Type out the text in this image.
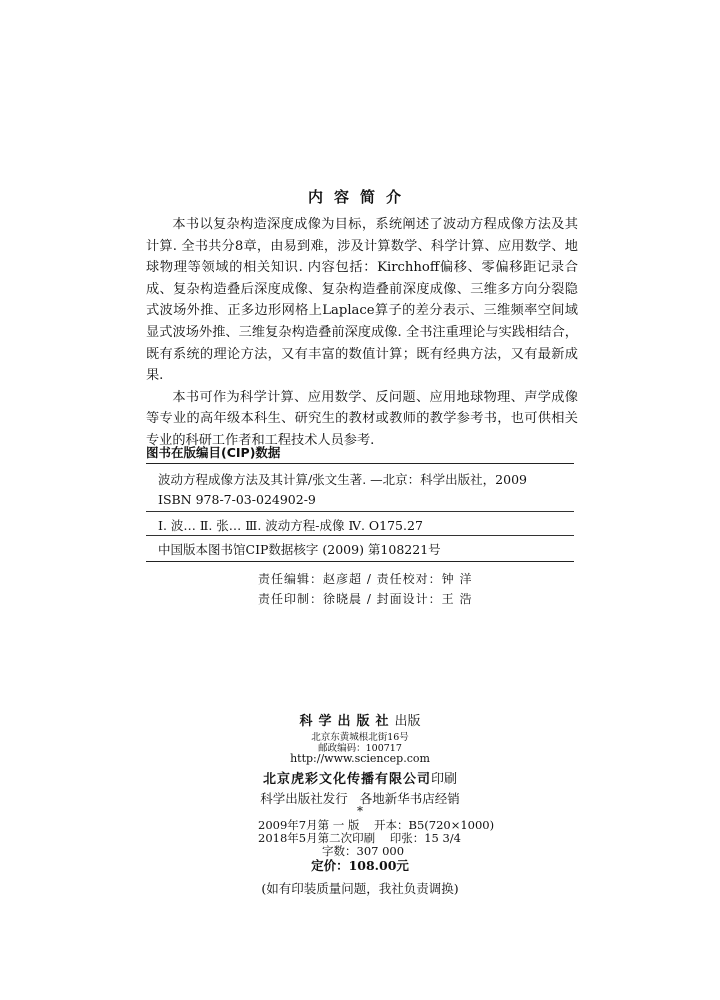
内容简介

本书以复杂构造深度成像为目标，系统阐述了波动方程成像方法及其计算. 全书共分8章，由易到难，涉及计算数学、科学计算、应用数学、地球物理等领域的相关知识. 内容包括：Kirchhoff偏移、零偏移距记录合成、复杂构造叠后深度成像、复杂构造叠前深度成像、三维多方向分裂隐式波场外推、正多边形网格上Laplace算子的差分表示、三维频率空间域显式波场外推、三维复杂构造叠前深度成像. 全书注重理论与实践相结合，既有系统的理论方法，又有丰富的数值计算；既有经典方法，又有最新成果.

本书可作为科学计算、应用数学、反问题、应用地球物理、声学成像等专业的高年级本科生、研究生的教材或教师的教学参考书，也可供相关专业的科研工作者和工程技术人员参考.

图书在版编目(CIP)数据
波动方程成像方法及其计算/张文生著. —北京：科学出版社，2009
ISBN 978-7-03-024902-9
Ⅰ. 波… Ⅱ. 张… Ⅲ. 波动方程-成像 Ⅳ. O175.27
中国版本图书馆CIP数据核字 (2009) 第108221号
责任编辑：赵彦超 / 责任校对：钟 洋
责任印制：徐晓晨 / 封面设计：王 浩
科学出版社出版
北京东黄城根北街16号
邮政编码：100717
http://www.sciencep.com
北京虎彩文化传播有限公司印刷
科学出版社发行   各地新华书店经销
*
2009年7月第 一 版    开本：B5(720×1000)
2018年5月第二次印刷    印张：15 3/4
字数：307 000
定价：108.00元
(如有印装质量问题，我社负责调换)
